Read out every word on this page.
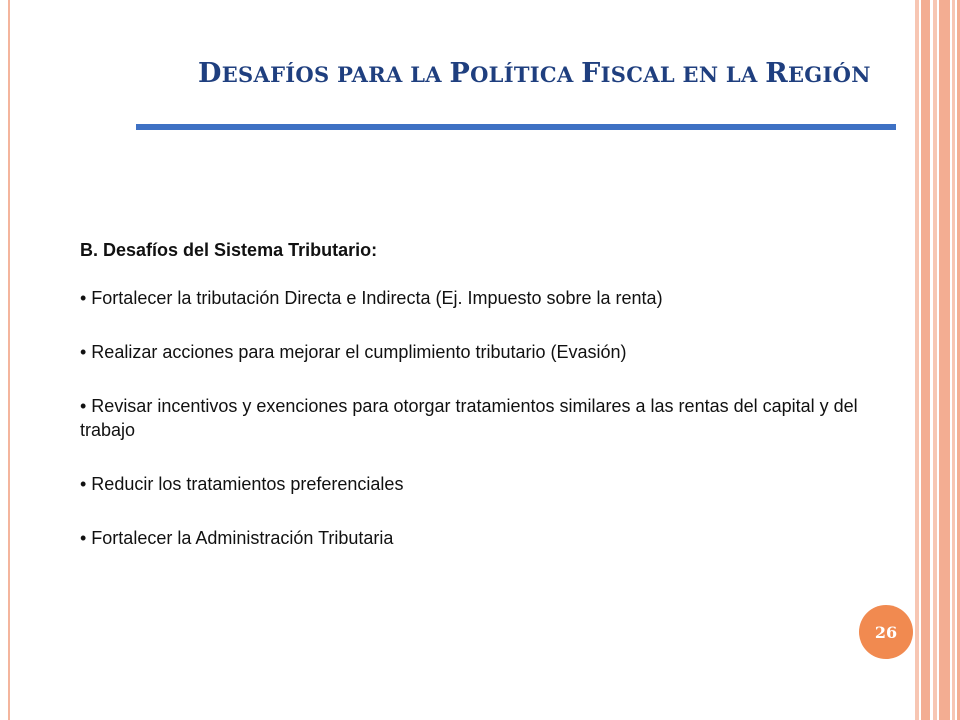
DESAFÍOS PARA LA POLÍTICA FISCAL EN LA REGIÓN

B. Desafíos del Sistema Tributario:

• Fortalecer la tributación Directa e Indirecta (Ej. Impuesto sobre la renta)

• Realizar acciones para mejorar el cumplimiento tributario (Evasión)

• Revisar incentivos y exenciones para otorgar tratamientos similares a las rentas del capital y del trabajo

• Reducir los tratamientos preferenciales

• Fortalecer la Administración Tributaria

26
